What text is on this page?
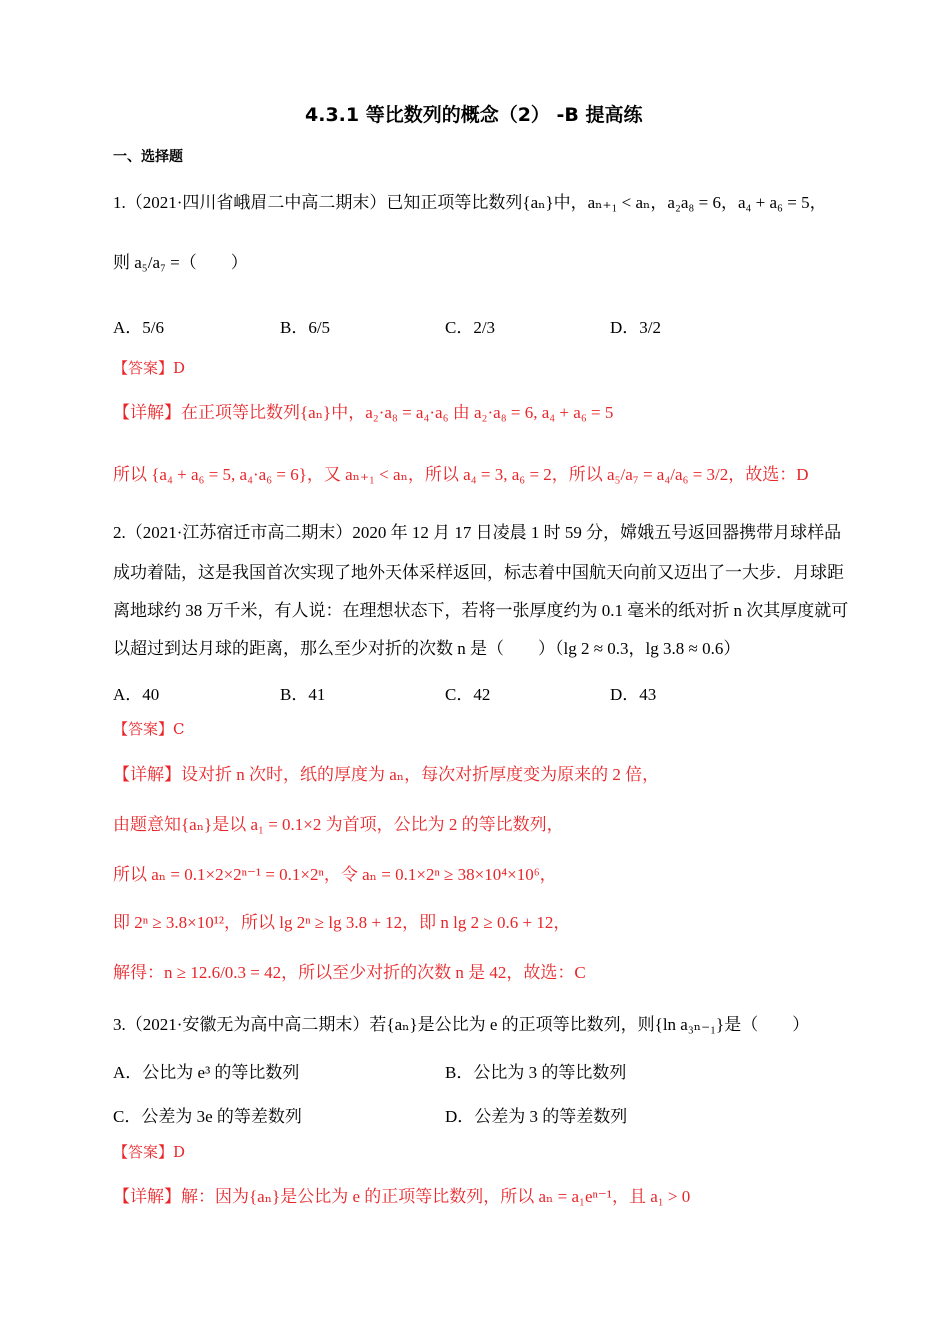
4.3.1 等比数列的概念（2） -B 提高练
一、选择题
1.（2021·四川省峨眉二中高二期末）已知正项等比数列{aₙ}中，aₙ₊₁ < aₙ，a₂a₈ = 6，a₄ + a₆ = 5，
则 a₅/a₇ =（　　）
A．5/6	B．6/5	C．2/3	D．3/2
【答案】D
【详解】在正项等比数列{aₙ}中，a₂·a₈ = a₄·a₆ 由 a₂·a₈ = 6, a₄ + a₆ = 5
所以 {a₄ + a₆ = 5, a₄·a₆ = 6}，又 aₙ₊₁ < aₙ，所以 a₄ = 3, a₆ = 2，所以 a₅/a₇ = a₄/a₆ = 3/2，故选：D
2.（2021·江苏宿迁市高二期末）2020 年 12 月 17 日凌晨 1 时 59 分，嫦娥五号返回器携带月球样品
成功着陆，这是我国首次实现了地外天体采样返回，标志着中国航天向前又迈出了一大步．月球距
离地球约 38 万千米，有人说：在理想状态下，若将一张厚度约为 0.1 毫米的纸对折 n 次其厚度就可
以超过到达月球的距离，那么至少对折的次数 n 是（　　）（lg 2 ≈ 0.3，lg 3.8 ≈ 0.6）
A．40	B．41	C．42	D．43
【答案】C
【详解】设对折 n 次时，纸的厚度为 aₙ，每次对折厚度变为原来的 2 倍，
由题意知{aₙ}是以 a₁ = 0.1×2 为首项，公比为 2 的等比数列，
所以 aₙ = 0.1×2×2ⁿ⁻¹ = 0.1×2ⁿ，令 aₙ = 0.1×2ⁿ ≥ 38×10⁴×10⁶，
即 2ⁿ ≥ 3.8×10¹²，所以 lg 2ⁿ ≥ lg 3.8 + 12，即 n lg 2 ≥ 0.6 + 12，
解得：n ≥ 12.6/0.3 = 42，所以至少对折的次数 n 是 42，故选：C
3.（2021·安徽无为高中高二期末）若{aₙ}是公比为 e 的正项等比数列，则{ln a₃ₙ₋₁}是（　　）
A．公比为 e³ 的等比数列	B．公比为 3 的等比数列
C．公差为 3e 的等差数列	D．公差为 3 的等差数列
【答案】D
【详解】解：因为{aₙ}是公比为 e 的正项等比数列，所以 aₙ = a₁eⁿ⁻¹，且 a₁ > 0
